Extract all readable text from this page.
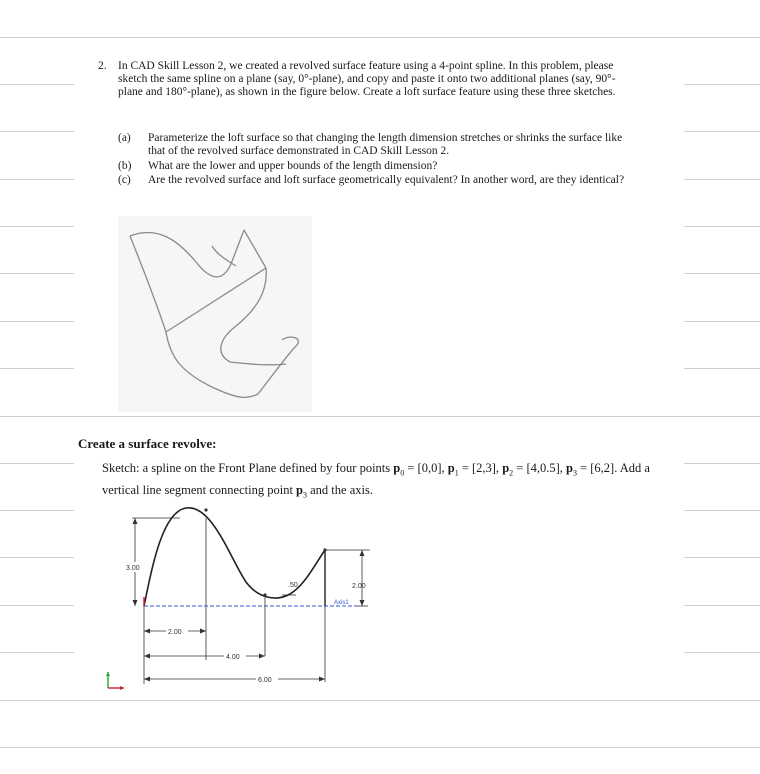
2. In CAD Skill Lesson 2, we created a revolved surface feature using a 4-point spline. In this problem, please sketch the same spline on a plane (say, 0°-plane), and copy and paste it onto two additional planes (say, 90°-plane and 180°-plane), as shown in the figure below. Create a loft surface feature using these three sketches.
(a) Parameterize the loft surface so that changing the length dimension stretches or shrinks the surface like that of the revolved surface demonstrated in CAD Skill Lesson 2.
(b) What are the lower and upper bounds of the length dimension?
(c) Are the revolved surface and loft surface geometrically equivalent? In another word, are they identical?
Create a surface revolve:
Sketch: a spline on the Front Plane defined by four points $p_0 = [0,0]$, $p_1 = [2,3]$, $p_2 = [4,0.5]$, $p_3 = [6,2]$. Add a vertical line segment connecting point $p_3$ and the axis.
3.00
.50	2.00
Axis1
2.00
4.00
6.00
